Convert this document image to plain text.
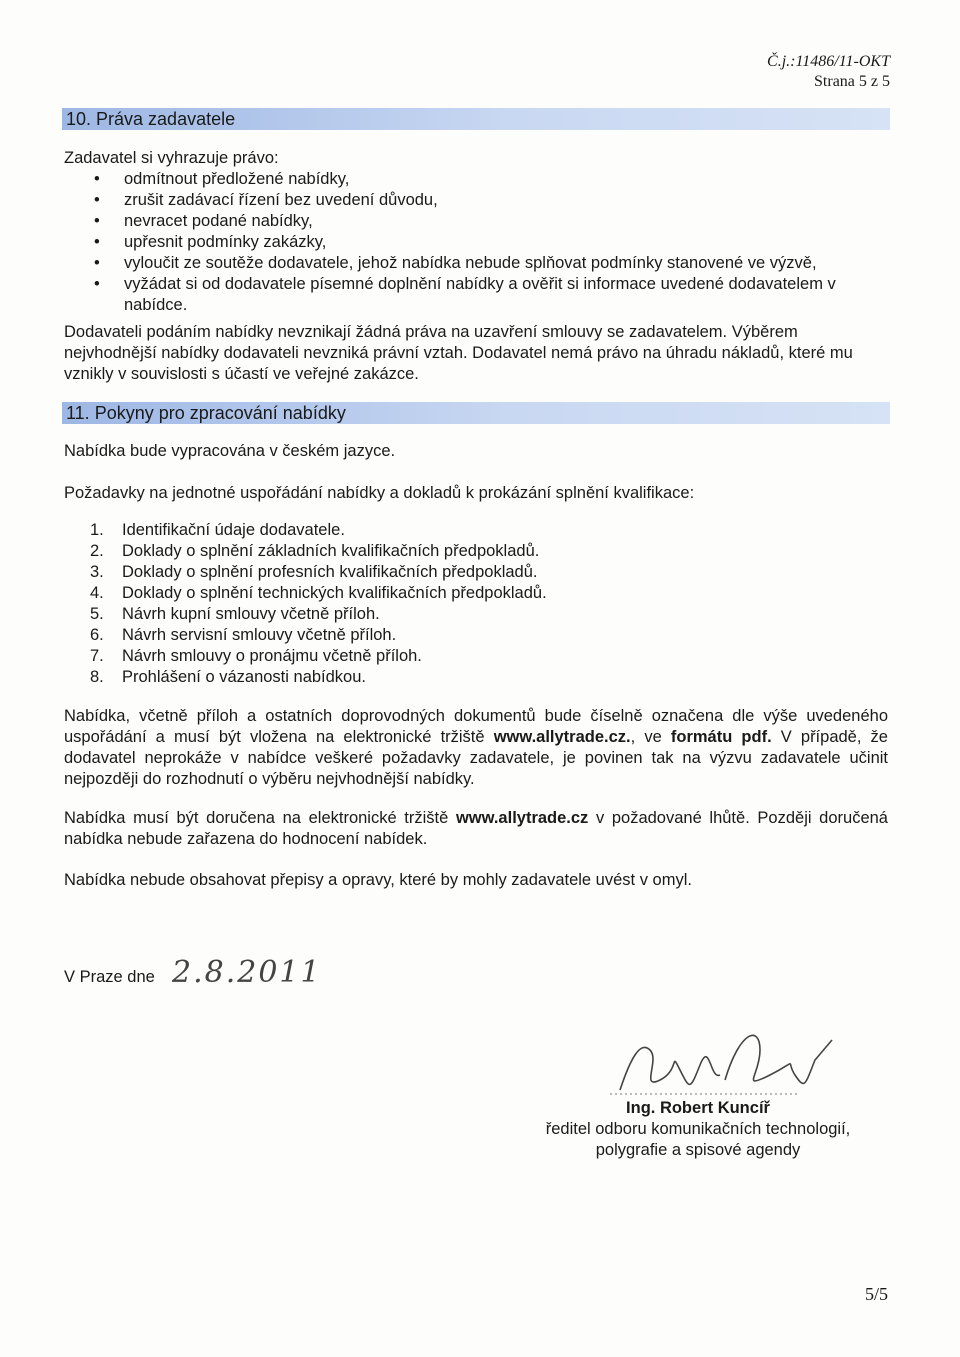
Č.j.:11486/11-OKT
Strana 5 z 5
10. Práva zadavatele
Zadavatel si vyhrazuje právo:
• odmítnout předložené nabídky,
• zrušit zadávací řízení bez uvedení důvodu,
• nevracet podané nabídky,
• upřesnit podmínky zakázky,
• vyloučit ze soutěže dodavatele, jehož nabídka nebude splňovat podmínky stanovené ve výzvě,
• vyžádat si od dodavatele písemné doplnění nabídky a ověřit si informace uvedené dodavatelem v nabídce.
Dodavateli podáním nabídky nevznikají žádná práva na uzavření smlouvy se zadavatelem. Výběrem nejvhodnější nabídky dodavateli nevzniká právní vztah. Dodavatel nemá právo na úhradu nákladů, které mu vznikly v souvislosti s účastí ve veřejné zakázce.
11. Pokyny pro zpracování nabídky
Nabídka bude vypracována v českém jazyce.
Požadavky na jednotné uspořádání nabídky a dokladů k prokázání splnění kvalifikace:
1. Identifikační údaje dodavatele.
2. Doklady o splnění základních kvalifikačních předpokladů.
3. Doklady o splnění profesních kvalifikačních předpokladů.
4. Doklady o splnění technických kvalifikačních předpokladů.
5. Návrh kupní smlouvy včetně příloh.
6. Návrh servisní smlouvy včetně příloh.
7. Návrh smlouvy o pronájmu včetně příloh.
8. Prohlášení o vázanosti nabídkou.
Nabídka, včetně příloh a ostatních doprovodných dokumentů bude číselně označena dle výše uvedeného uspořádání a musí být vložena na elektronické tržiště www.allytrade.cz., ve formátu pdf. V případě, že dodavatel neprokáže v nabídce veškeré požadavky zadavatele, je povinen tak na výzvu zadavatele učinit nejpozději do rozhodnutí o výběru nejvhodnější nabídky.
Nabídka musí být doručena na elektronické tržiště www.allytrade.cz v požadované lhůtě. Později doručená nabídka nebude zařazena do hodnocení nabídek.
Nabídka nebude obsahovat přepisy a opravy, které by mohly zadavatele uvést v omyl.
V Praze dne 2.8.2011
Ing. Robert Kuncíř
ředitel odboru komunikačních technologií,
polygrafie a spisové agendy
5/5
